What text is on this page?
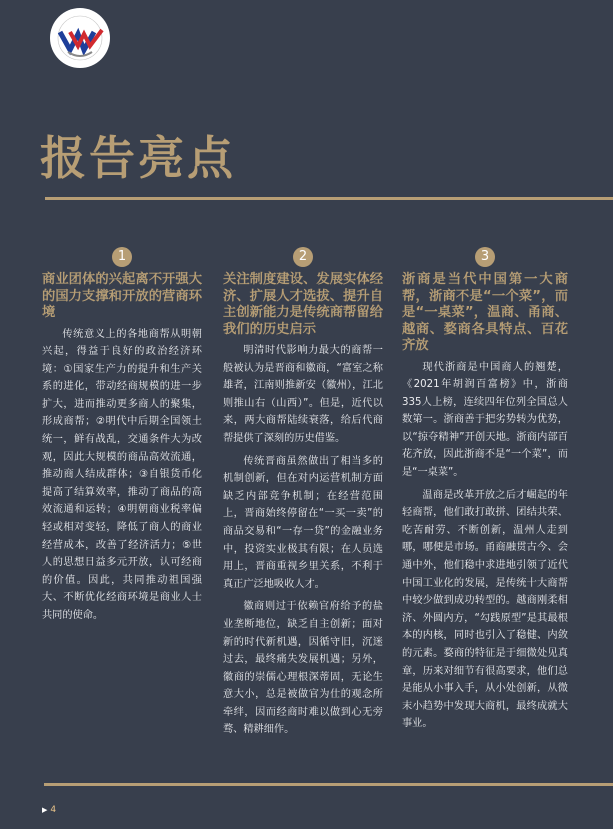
报告亮点
1
商业团体的兴起离不开强大的国力支撑和开放的营商环境

传统意义上的各地商帮从明朝兴起，得益于良好的政治经济环境：①国家生产力的提升和生产关系的进化，带动经商规模的进一步扩大，进而推动更多商人的聚集，形成商帮；②明代中后期全国领土统一，鲜有战乱，交通条件大为改观，因此大规模的商品高效流通，推动商人结成群体；③自银货币化提高了结算效率，推动了商品的高效流通和运转；④明朝商业税率偏轻或相对变轻，降低了商人的商业经营成本，改善了经济活力；⑤世人的思想日益多元开放，认可经商的价值。因此，共同推动祖国强大、不断优化经商环境是商业人士共同的使命。

2
关注制度建设、发展实体经济、扩展人才选拔、提升自主创新能力是传统商帮留给我们的历史启示

明清时代影响力最大的商帮一般被认为是晋商和徽商，“富室之称雄者，江南则推新安（徽州），江北则推山右（山西）”。但是，近代以来，两大商帮陆续衰落，给后代商帮提供了深刻的历史借鉴。

传统晋商虽然做出了相当多的机制创新，但在对内运营机制方面缺乏内部竞争机制；在经营范围上，晋商始终停留在“一买一卖”的商品交易和“一存一贷”的金融业务中，投资实业极其有限；在人员选用上，晋商重视乡里关系，不利于真正广泛地吸收人才。

徽商则过于依赖官府给予的盐业垄断地位，缺乏自主创新；面对新的时代新机遇，因循守旧，沉迷过去，最终痛失发展机遇；另外，徽商的崇儒心理根深蒂固，无论生意大小，总是被做官为仕的观念所牵绊，因而经商时难以做到心无旁骛、精耕细作。

3
浙商是当代中国第一大商帮，浙商不是“一个菜”，而是“一桌菜”，温商、甬商、越商、婺商各具特点、百花齐放

现代浙商是中国商人的翘楚，《2021年胡润百富榜》中，浙商335人上榜，连续四年位列全国总人数第一。浙商善于把劣势转为优势，以“掠夺精神”开创天地。浙商内部百花齐放，因此浙商不是“一个菜”，而是“一桌菜”。

温商是改革开放之后才崛起的年轻商帮，他们敢打敢拼、团结共荣、吃苦耐劳、不断创新，温州人走到哪，哪便是市场。甬商融贯古今、会通中外，他们稳中求进地引领了近代中国工业化的发展，是传统十大商帮中较少做到成功转型的。越商刚柔相济、外圆内方，“勾践原型”是其最根本的内核，同时也引入了稳健、内敛的元素。婺商的特征是于细微处见真章，历来对细节有很高要求，他们总是能从小事入手，从小处创新，从微末小趋势中发现大商机，最终成就大事业。

▶ 4
